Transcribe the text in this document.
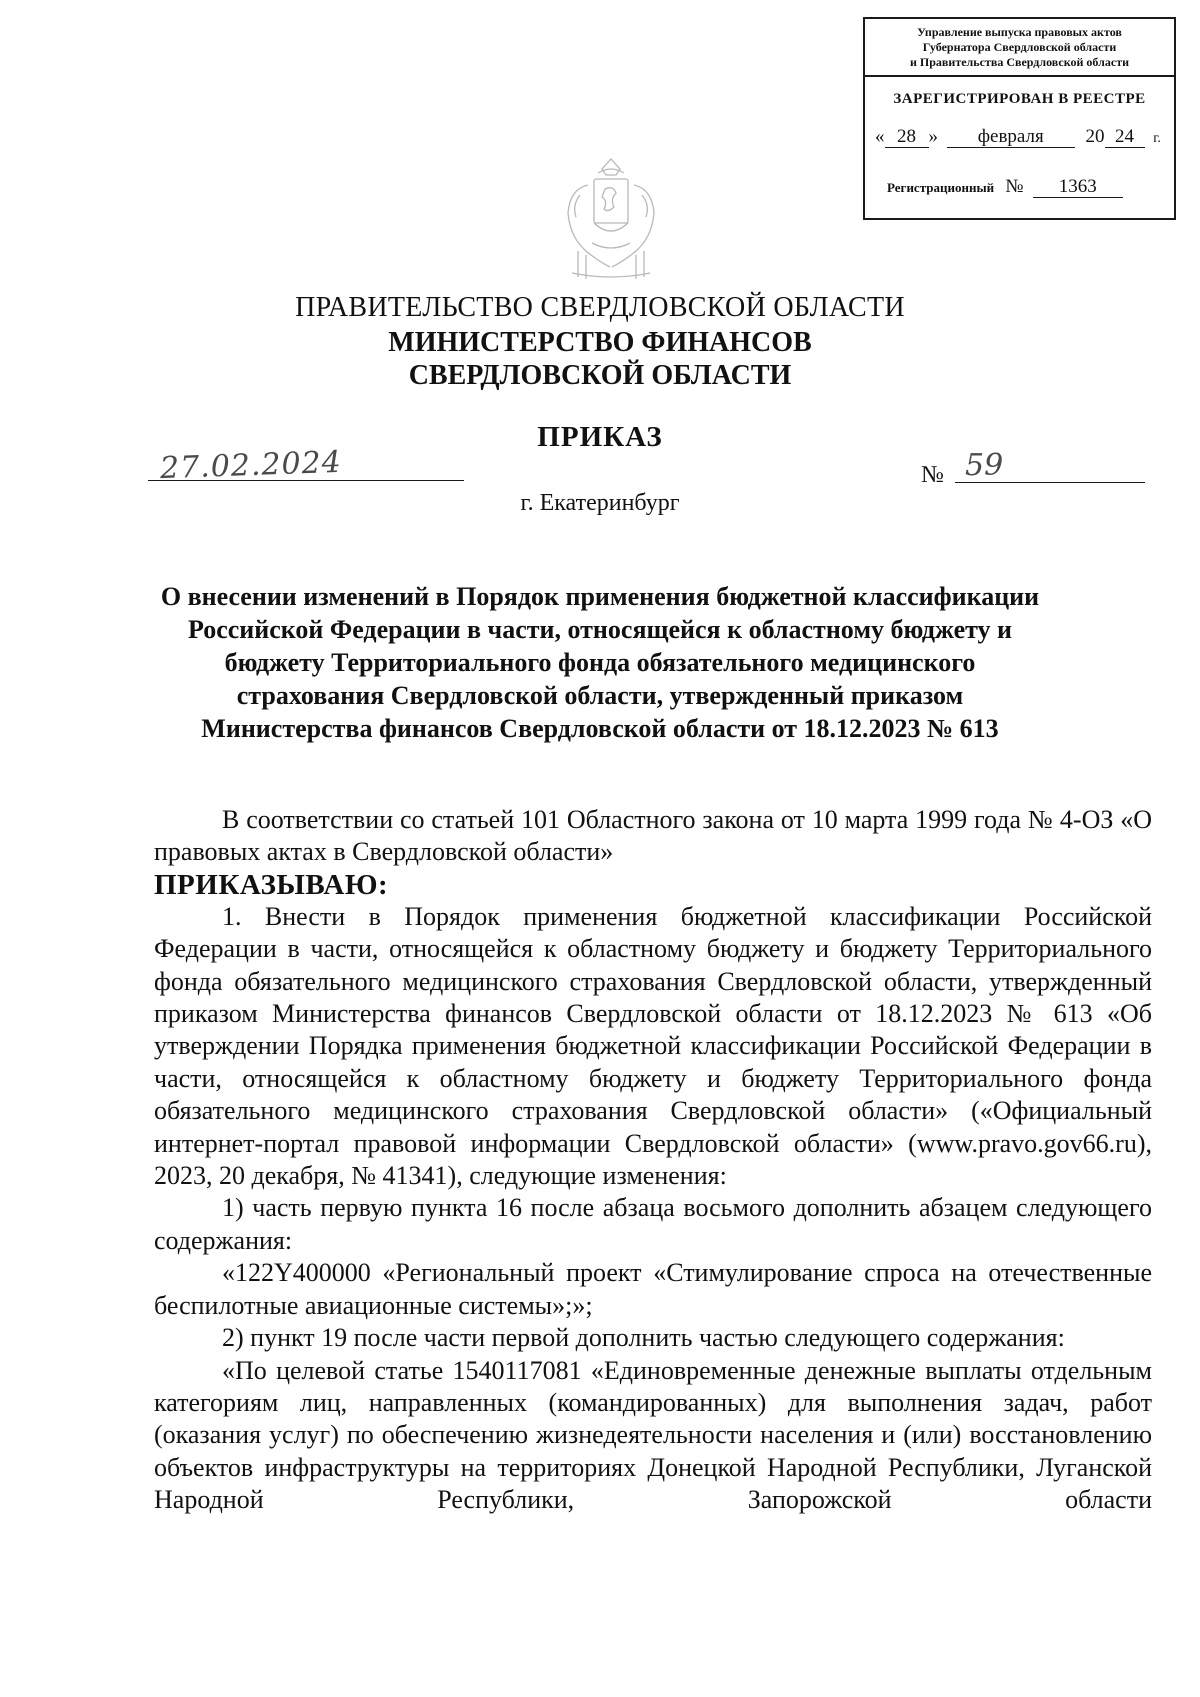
Управление выпуска правовых актов
Губернатора Свердловской области
и Правительства Свердловской области
ЗАРЕГИСТРИРОВАН В РЕЕСТРЕ
« 28 » февраля 20 24 г.
Регистрационный № 1363
ПРАВИТЕЛЬСТВО СВЕРДЛОВСКОЙ ОБЛАСТИ
МИНИСТЕРСТВО ФИНАНСОВ
СВЕРДЛОВСКОЙ ОБЛАСТИ
ПРИКАЗ
27.02.2024	№ 59
г. Екатеринбург
О внесении изменений в Порядок применения бюджетной классификации Российской Федерации в части, относящейся к областному бюджету и бюджету Территориального фонда обязательного медицинского страхования Свердловской области, утвержденный приказом Министерства финансов Свердловской области от 18.12.2023 № 613

В соответствии со статьей 101 Областного закона от 10 марта 1999 года № 4-ОЗ «О правовых актах в Свердловской области»

ПРИКАЗЫВАЮ:

1. Внести в Порядок применения бюджетной классификации Российской Федерации в части, относящейся к областному бюджету и бюджету Территориального фонда обязательного медицинского страхования Свердловской области, утвержденный приказом Министерства финансов Свердловской области от 18.12.2023 № 613 «Об утверждении Порядка применения бюджетной классификации Российской Федерации в части, относящейся к областному бюджету и бюджету Территориального фонда обязательного медицинского страхования Свердловской области» («Официальный интернет-портал правовой информации Свердловской области» (www.pravo.gov66.ru), 2023, 20 декабря, № 41341), следующие изменения:

1) часть первую пункта 16 после абзаца восьмого дополнить абзацем следующего содержания:

«122Y400000 «Региональный проект «Стимулирование спроса на отечественные беспилотные авиационные системы»;»;

2) пункт 19 после части первой дополнить частью следующего содержания:

«По целевой статье 1540117081 «Единовременные денежные выплаты отдельным категориям лиц, направленных (командированных) для выполнения задач, работ (оказания услуг) по обеспечению жизнедеятельности населения и (или) восстановлению объектов инфраструктуры на территориях Донецкой Народной Республики, Луганской Народной Республики, Запорожской области
